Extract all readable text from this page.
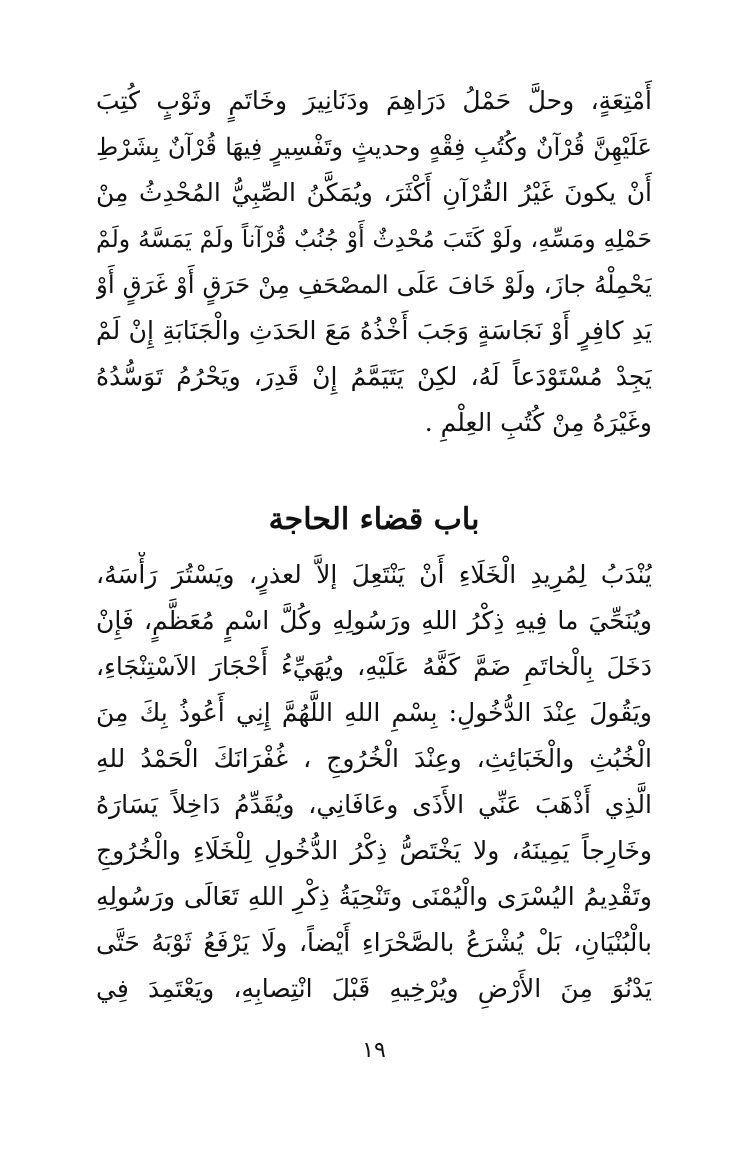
أَمْتِعَةٍ، وحلَّ حَمْلُ دَرَاهِمَ ودَنَانِيرَ وخَاتَمٍ وثَوْبٍ كُتِبَ
عَلَيْهِنَّ قُرْآنٌ وكُتُبِ فِقْهٍ وحديثٍ وتَفْسِيرٍ فِيهَا قُرْآنٌ بِشَرْطِ
أَنْ يكونَ غَيْرُ القُرْآنِ أَكْثَرَ، ويُمَكَّنُ الصِّبِيُّ المُحْدِثُ مِنْ
حَمْلِهِ ومَسِّهِ، ولَوْ كَتَبَ مُحْدِثٌ أَوْ جُنُبٌ قُرْآناً ولَمْ يَمَسَّهُ ولَمْ
يَحْمِلْهُ جازَ، ولَوْ خَافَ عَلَى المصْحَفِ مِنْ حَرَقٍ أَوْ غَرَقٍ أَوْ
يَدِ كافِرٍ أَوْ نَجَاسَةٍ وَجَبَ أَخْذُهُ مَعَ الحَدَثِ والْجَنَابَةِ إِنْ لَمْ
يَجِدْ مُسْتَوْدَعاً لَهُ، لكِنْ يَتَيَمَّمُ إِنْ قَدِرَ، ويَحْرُمُ تَوَسُّدُهُ
وغَيْرَهُ مِنْ كُتُبِ العِلْمِ .
باب قضاء الحاجة
يُنْدَبُ لِمُرِيدِ الْخَلَاءِ أَنْ يَنْتَعِلَ إلاَّ لعذرٍ، ويَسْتُرَ رَأْسَهُ،
ويُنَحِّيَ ما فِيهِ ذِكْرُ اللهِ ورَسُولِهِ وكُلَّ اسْمٍ مُعَظَّمٍ، فَإِنْ
دَخَلَ بِالْخاتَمِ ضَمَّ كَفَّهُ عَلَيْهِ، ويُهَيِّءُ أَحْجَارَ الاَسْتِنْجَاءِ،
ويَقُولَ عِنْدَ الدُّخُولِ: بِسْمِ اللهِ اللَّهُمَّ إِنِي أَعُوذُ بِكَ مِنَ
الْخُبُثِ والْخَبَائِثِ، وعِنْدَ الْخُرُوجِ ، غُفْرَانَكَ الْحَمْدُ للهِ
الَّذِي أَذْهَبَ عَنِّي الأَذَى وعَافَانِي، ويُقَدِّمُ دَاخِلاً يَسَارَهُ
وخَارِجاً يَمِينَهُ، ولا يَخْتَصُّ ذِكْرُ الدُّخُولِ لِلْخَلَاءِ والْخُرُوجِ
وتَقْدِيمُ اليُسْرَى والْيُمْنَى وتَنْحِيَةُ ذِكْرِ اللهِ تَعَالَى ورَسُولِهِ
بالْبُنْيَانِ، بَلْ يُشْرَعُ بالصَّحْرَاءِ أَيْضاً، ولَا يَرْفَعُ ثَوْبَهُ حَتَّى
يَدْنُوَ مِنَ الأَرْضِ ويُرْخِيهِ قَبْلَ انْتِصابِهِ، ويَعْتَمِدَ فِي
١٩
